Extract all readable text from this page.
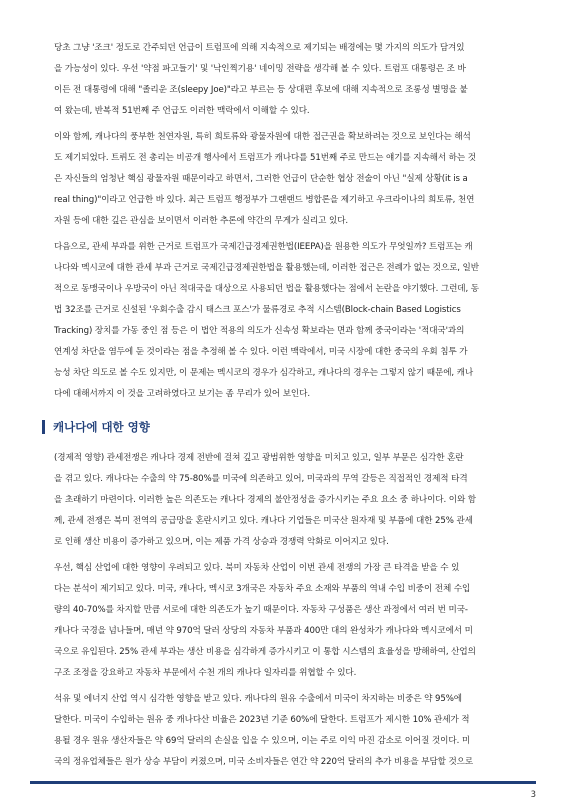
당초 그냥 '조크' 정도로 간주되던 언급이 트럼프에 의해 지속적으로 제기되는 배경에는 몇 가지의 의도가 담겨있
을 가능성이 있다. 우선 '약점 파고들기' 및 '낙인찍기용' 네이밍 전략을 생각해 볼 수 있다. 트럼프 대통령은 조 바
이든 전 대통령에 대해 "졸리운 조(sleepy Joe)"라고 부르는 등 상대편 후보에 대해 지속적으로 조롱성 별명을 붙
여 왔는데, 반복적 51번째 주 언급도 이러한 맥락에서 이해할 수 있다.

이와 함께, 캐나다의 풍부한 천연자원, 특히 희토류와 광물자원에 대한 접근권을 확보하려는 것으로 보인다는 해석
도 제기되었다. 트뤼도 전 총리는 비공개 행사에서 트럼프가 캐나다를 51번째 주로 만드는 얘기를 지속해서 하는 것
은 자신들의 엄청난 핵심 광물자원 때문이라고 하면서, 그러한 언급이 단순한 협상 전술이 아닌 "실제 상황(it is a
real thing)"이라고 언급한 바 있다. 최근 트럼프 행정부가 그랜랜드 병합론을 제기하고 우크라이나의 희토류, 천연
자원 등에 대한 깊은 관심을 보이면서 이러한 추론에 약간의 무게가 실리고 있다.

다음으로, 관세 부과를 위한 근거로 트럼프가 국제긴급경제권한법(IEEPA)을 원용한 의도가 무엇일까? 트럼프는 캐
나다와 멕시코에 대한 관세 부과 근거로 국제긴급경제권한법을 활용했는데, 이러한 접근은 전례가 없는 것으로, 일반
적으로 동맹국이나 우방국이 아닌 적대국을 대상으로 사용되던 법을 활용했다는 점에서 논란을 야기했다. 그런데, 동
법 32조를 근거로 신설된 '우회수출 감시 태스크 포스'가 물류경로 추적 시스템(Block-chain Based Logistics
Tracking) 장치를 가동 중인 점 등은 이 법안 적용의 의도가 신속성 확보라는 면과 함께 중국이라는 '적대국'과의
연계성 차단을 염두에 둔 것이라는 점을 추정해 볼 수 있다. 이런 맥락에서, 미국 시장에 대한 중국의 우회 침투 가
능성 차단 의도로 볼 수도 있지만, 이 문제는 멕시코의 경우가 심각하고, 캐나다의 경우는 그렇지 않기 때문에, 캐나
다에 대해서까지 이 것을 고려하였다고 보기는 좀 무리가 있어 보인다.

캐나다에 대한 영향

(경제적 영향) 관세전쟁은 캐나다 경제 전반에 걸쳐 깊고 광범위한 영향을 미치고 있고, 일부 부문은 심각한 혼란
을 겪고 있다. 캐나다는 수출의 약 75-80%를 미국에 의존하고 있어, 미국과의 무역 갈등은 직접적인 경제적 타격
을 초래하기 마련이다. 이러한 높은 의존도는 캐나다 경제의 불안정성을 증가시키는 주요 요소 중 하나이다. 이와 함
께, 관세 전쟁은 북미 전역의 공급망을 혼란시키고 있다. 캐나다 기업들은 미국산 원자재 및 부품에 대한 25% 관세
로 인해 생산 비용이 증가하고 있으며, 이는 제품 가격 상승과 경쟁력 악화로 이어지고 있다.

우선, 핵심 산업에 대한 영향이 우려되고 있다. 북미 자동차 산업이 이번 관세 전쟁의 가장 큰 타격을 받을 수 있
다는 분석이 제기되고 있다. 미국, 캐나다, 멕시코 3개국은 자동차 주요 소재와 부품의 역내 수입 비중이 전체 수입
량의 40-70%를 차지할 만큼 서로에 대한 의존도가 높기 때문이다. 자동차 구성품은 생산 과정에서 여러 번 미국-
캐나다 국경을 넘나들며, 매년 약 970억 달러 상당의 자동차 부품과 400만 대의 완성차가 캐나다와 멕시코에서 미
국으로 유입된다. 25% 관세 부과는 생산 비용을 심각하게 증가시키고 이 통합 시스템의 효율성을 방해하여, 산업의
구조 조정을 강요하고 자동차 부문에서 수천 개의 캐나다 일자리를 위협할 수 있다.

석유 및 에너지 산업 역시 심각한 영향을 받고 있다. 캐나다의 원유 수출에서 미국이 차지하는 비중은 약 95%에
달한다. 미국이 수입하는 원유 중 캐나다산 비율은 2023년 기준 60%에 달한다. 트럼프가 제시한 10% 관세가 적
용될 경우 원유 생산자들은 약 69억 달러의 손실을 입을 수 있으며, 이는 주로 이익 마진 감소로 이어질 것이다. 미
국의 정유업체들은 원가 상승 부담이 커졌으며, 미국 소비자들은 연간 약 220억 달러의 추가 비용을 부담할 것으로

3
